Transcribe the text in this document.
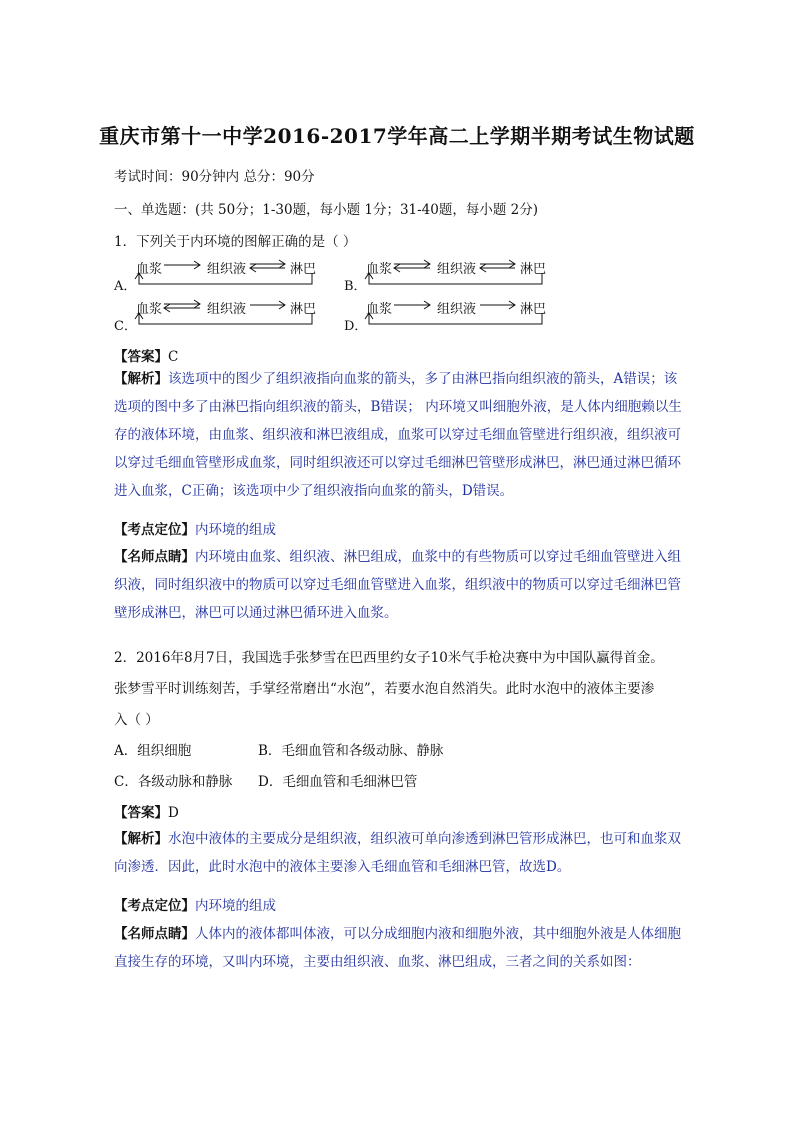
重庆市第十一中学2016-2017学年高二上学期半期考试生物试题
考试时间：90分钟内 总分：90分
一、单选题：(共 50分；1-30题，每小题 1分；31-40题，每小题 2分)
1．下列关于内环境的图解正确的是（ ）
A．
血浆	组织液	淋巴
B．
血浆	组织液	淋巴
C．
血浆	组织液	淋巴
D．
血浆	组织液	淋巴
【答案】C
【解析】该选项中的图少了组织液指向血浆的箭头，多了由淋巴指向组织液的箭头，A错误；该选项的图中多了由淋巴指向组织液的箭头，B错误； 内环境又叫细胞外液，是人体内细胞赖以生存的液体环境，由血浆、组织液和淋巴液组成，血浆可以穿过毛细血管壁进行组织液，组织液可以穿过毛细血管壁形成血浆，同时组织液还可以穿过毛细淋巴管壁形成淋巴，淋巴通过淋巴循环进入血浆，C正确；该选项中少了组织液指向血浆的箭头，D错误。
【考点定位】内环境的组成
【名师点睛】内环境由血浆、组织液、淋巴组成，血浆中的有些物质可以穿过毛细血管壁进入组织液，同时组织液中的物质可以穿过毛细血管壁进入血浆，组织液中的物质可以穿过毛细淋巴管壁形成淋巴，淋巴可以通过淋巴循环进入血浆。
2．2016年8月7日，我国选手张梦雪在巴西里约女子10米气手枪决赛中为中国队赢得首金。
张梦雪平时训练刻苦，手掌经常磨出“水泡”，若要水泡自然消失。此时水泡中的液体主要渗
入（ ）
A．组织细胞	B．毛细血管和各级动脉、静脉
C．各级动脉和静脉 D．毛细血管和毛细淋巴管
【答案】D
【解析】水泡中液体的主要成分是组织液，组织液可单向渗透到淋巴管形成淋巴，也可和血浆双向渗透．因此，此时水泡中的液体主要渗入毛细血管和毛细淋巴管，故选D。
【考点定位】内环境的组成
【名师点睛】人体内的液体都叫体液，可以分成细胞内液和细胞外液，其中细胞外液是人体细胞直接生存的环境，又叫内环境，主要由组织液、血浆、淋巴组成，三者之间的关系如图：
